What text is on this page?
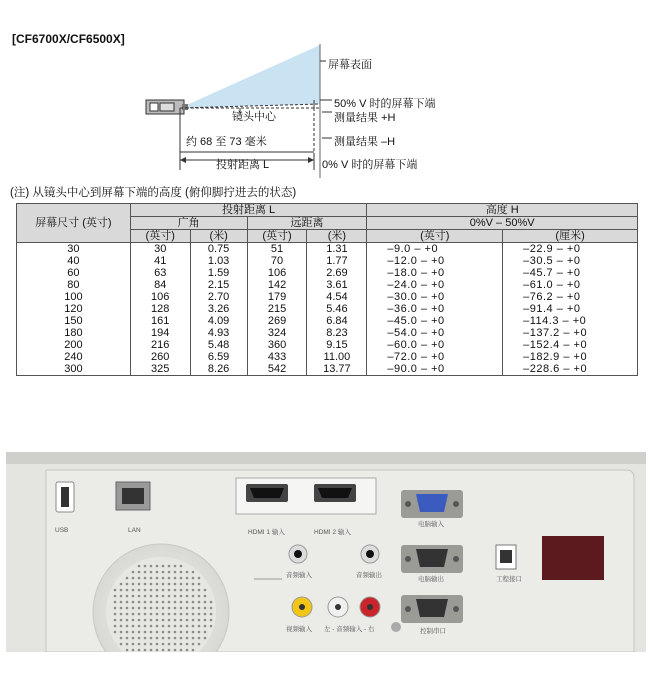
[CF6700X/CF6500X]
屏幕表面
镜头中心
约 68 至 73 毫米
投射距离 L
50% V 时的屏幕下端
测量结果 +H
测量结果 –H
0% V 时的屏幕下端
(注) 从镜头中心到屏幕下端的高度 (俯仰脚拧进去的状态)
屏幕尺寸 (英寸)	投射距离 L				高度 H	
	广角		远距离		0%V – 50%V	
	(英寸)	(米)	(英寸)	(米)	(英寸)	(厘米)
30	30	0.75	51	1.31	–9.0 – +0	–22.9 – +0
40	41	1.03	70	1.77	–12.0 – +0	–30.5 – +0
60	63	1.59	106	2.69	–18.0 – +0	–45.7 – +0
80	84	2.15	142	3.61	–24.0 – +0	–61.0 – +0
100	106	2.70	179	4.54	–30.0 – +0	–76.2 – +0
120	128	3.26	215	5.46	–36.0 – +0	–91.4 – +0
150	161	4.09	269	6.84	–45.0 – +0	–114.3 – +0
180	194	4.93	324	8.23	–54.0 – +0	–137.2 – +0
200	216	5.48	360	9.15	–60.0 – +0	–152.4 – +0
240	260	6.59	433	11.00	–72.0 – +0	–182.9 – +0
300	325	8.26	542	13.77	–90.0 – +0	–228.6 – +0
USB	LAN	HDMI 1 输入	HDMI 2 输入
电脑输入
电脑输出	工程接口
音频输入	音频输出
视频输入 左 - 音频输入 - 右	控制串口
